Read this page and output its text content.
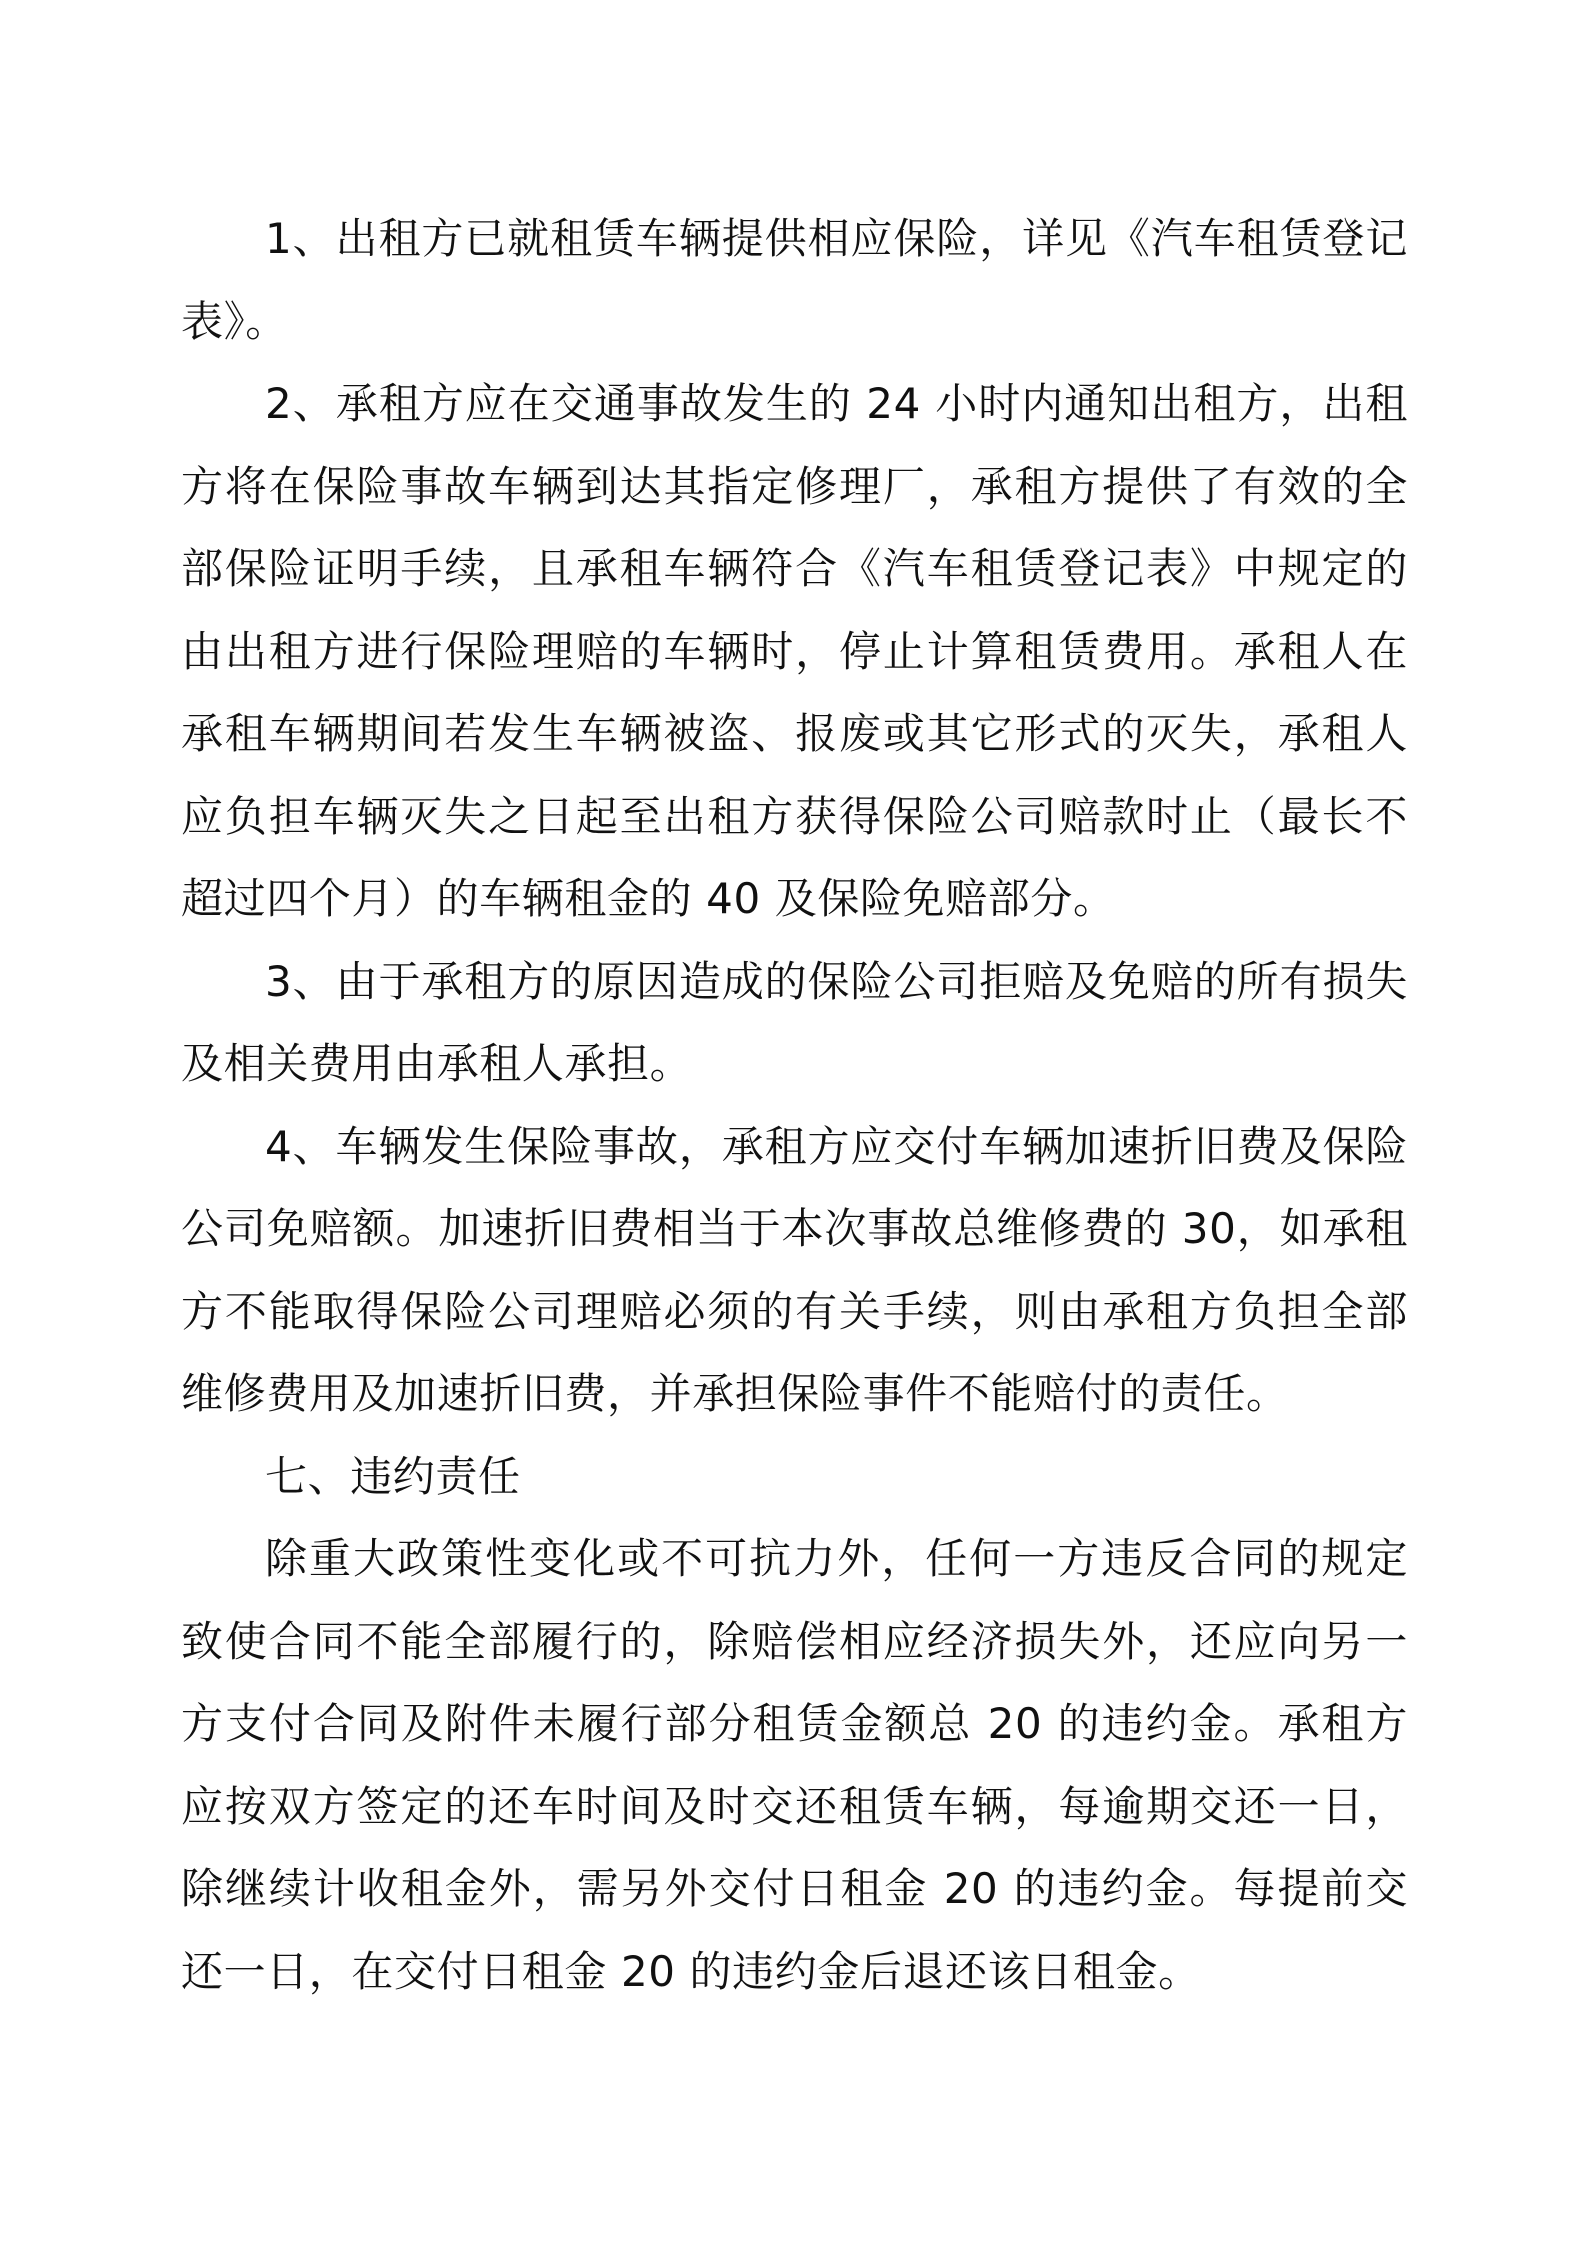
1、出租方已就租赁车辆提供相应保险，详见《汽车租赁登记表》。

2、承租方应在交通事故发生的 24 小时内通知出租方，出租方将在保险事故车辆到达其指定修理厂，承租方提供了有效的全部保险证明手续，且承租车辆符合《汽车租赁登记表》中规定的由出租方进行保险理赔的车辆时，停止计算租赁费用。承租人在承租车辆期间若发生车辆被盗、报废或其它形式的灭失，承租人应负担车辆灭失之日起至出租方获得保险公司赔款时止（最长不超过四个月）的车辆租金的 40 及保险免赔部分。

3、由于承租方的原因造成的保险公司拒赔及免赔的所有损失及相关费用由承租人承担。

4、车辆发生保险事故，承租方应交付车辆加速折旧费及保险公司免赔额。加速折旧费相当于本次事故总维修费的 30，如承租方不能取得保险公司理赔必须的有关手续，则由承租方负担全部维修费用及加速折旧费，并承担保险事件不能赔付的责任。

七、违约责任

除重大政策性变化或不可抗力外，任何一方违反合同的规定致使合同不能全部履行的，除赔偿相应经济损失外，还应向另一方支付合同及附件未履行部分租赁金额总 20 的违约金。承租方应按双方签定的还车时间及时交还租赁车辆，每逾期交还一日，除继续计收租金外，需另外交付日租金 20 的违约金。每提前交还一日，在交付日租金 20 的违约金后退还该日租金。
